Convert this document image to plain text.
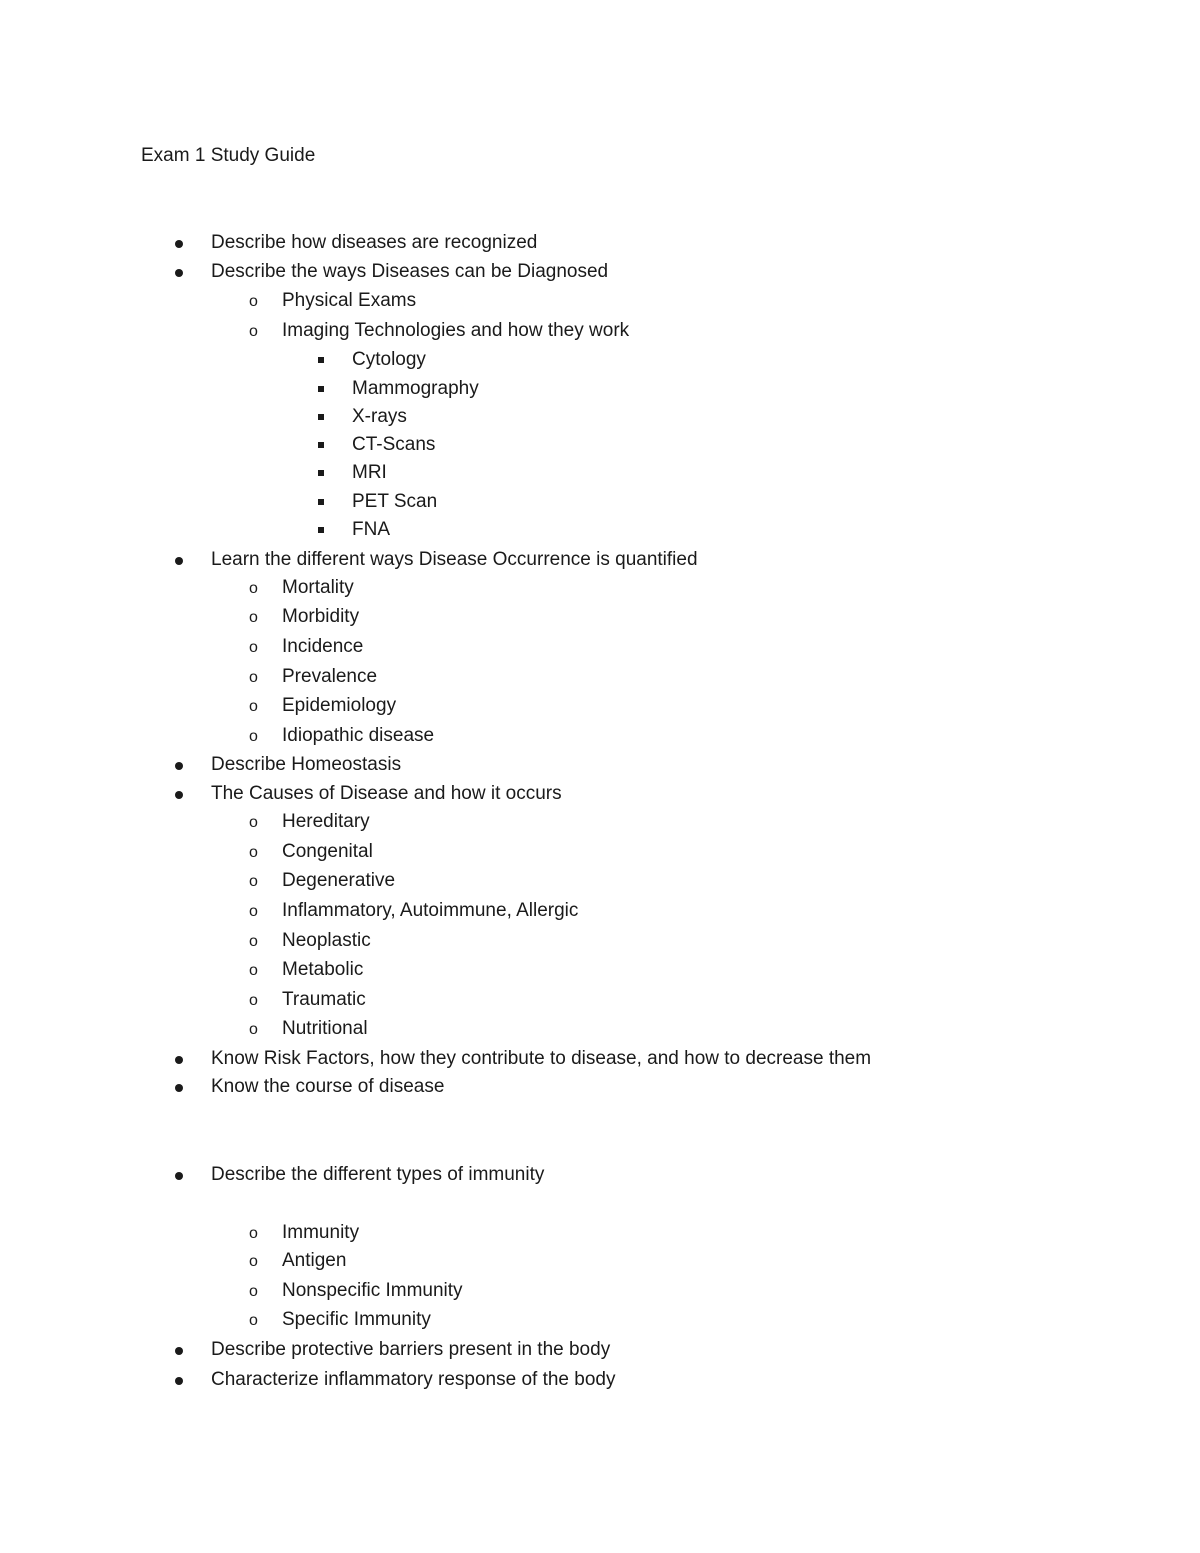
Exam 1 Study Guide
Describe how diseases are recognized
Describe the ways Diseases can be Diagnosed
o Physical Exams
o Imaging Technologies and how they work
Cytology
Mammography
X-rays
CT-Scans
MRI
PET Scan
FNA
Learn the different ways Disease Occurrence is quantified
o Mortality
o Morbidity
o Incidence
o Prevalence
o Epidemiology
o Idiopathic disease
Describe Homeostasis
The Causes of Disease and how it occurs
o Hereditary
o Congenital
o Degenerative
o Inflammatory, Autoimmune, Allergic
o Neoplastic
o Metabolic
o Traumatic
o Nutritional
Know Risk Factors, how they contribute to disease, and how to decrease them
Know the course of disease
Describe the different types of immunity
o Immunity
o Antigen
o Nonspecific Immunity
o Specific Immunity
Describe protective barriers present in the body
Characterize inflammatory response of the body
